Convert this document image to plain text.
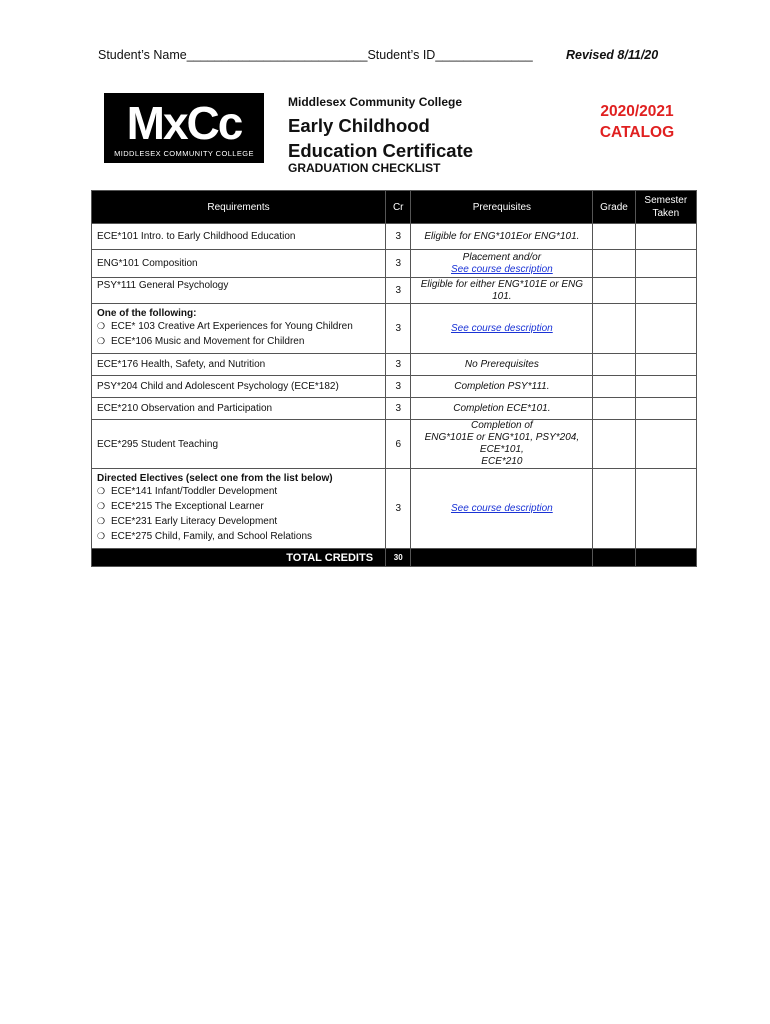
Student’s Name__________________________ Student’s ID______________	Revised 8/11/20
MxCc
MIDDLESEX COMMUNITY COLLEGE
Middlesex Community College
Early Childhood
Education Certificate
2020/2021
CATALOG
GRADUATION CHECKLIST
Requirements	Cr	Prerequisites	Grade	Semester Taken
ECE*101 Intro. to Early Childhood Education	3	Eligible for ENG*101Eor ENG*101.		
ENG*101 Composition	3	Placement and/or
See course description		
PSY*111 General Psychology	3	Eligible for either ENG*101E or ENG 101.		

One of the following:
❍ ECE* 103 Creative Art Experiences for Young Children
❍ ECE*106 Music and Movement for Children	3	See course description		
ECE*176 Health, Safety, and Nutrition	3	No Prerequisites		
PSY*204 Child and Adolescent Psychology (ECE*182)	3	Completion PSY*111.		
ECE*210 Observation and Participation	3	Completion ECE*101.		
ECE*295 Student Teaching	6	Completion of
ENG*101E or ENG*101, PSY*204, ECE*101,
ECE*210		

Directed Electives (select one from the list below)
❍ ECE*141 Infant/Toddler Development
❍ ECE*215 The Exceptional Learner
❍ ECE*231 Early Literacy Development
❍ ECE*275 Child, Family, and School Relations	3	See course description		
TOTAL CREDITS	30			
